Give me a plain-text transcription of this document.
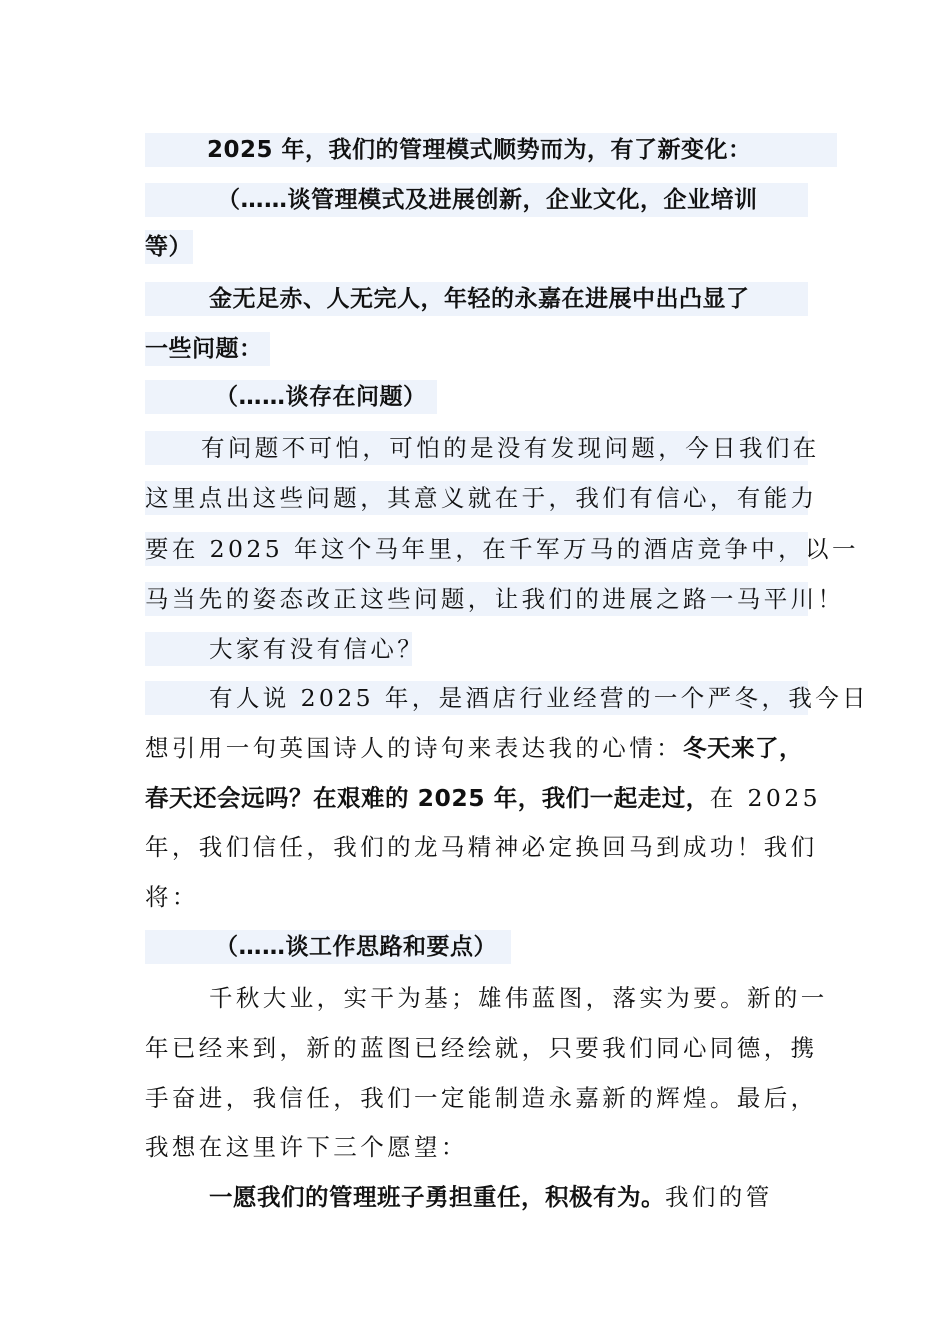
2025 年，我们的管理模式顺势而为，有了新变化：
（……谈管理模式及进展创新，企业文化，企业培训
等）
金无足赤、人无完人，年轻的永嘉在进展中出凸显了
一些问题：
（……谈存在问题）
有问题不可怕，可怕的是没有发现问题，今日我们在
这里点出这些问题，其意义就在于，我们有信心，有能力
要在 2025 年这个马年里，在千军万马的酒店竞争中，以一
马当先的姿态改正这些问题，让我们的进展之路一马平川！
大家有没有信心？
有人说 2025 年，是酒店行业经营的一个严冬，我今日
想引用一句英国诗人的诗句来表达我的心情：冬天来了，
春天还会远吗？在艰难的 2025 年，我们一起走过，在 2025
年，我们信任，我们的龙马精神必定换回马到成功！我们
将：
（……谈工作思路和要点）
千秋大业，实干为基；雄伟蓝图，落实为要。新的一
年已经来到，新的蓝图已经绘就，只要我们同心同德，携
手奋进，我信任，我们一定能制造永嘉新的辉煌。最后，
我想在这里许下三个愿望：
一愿我们的管理班子勇担重任，积极有为。我们的管
